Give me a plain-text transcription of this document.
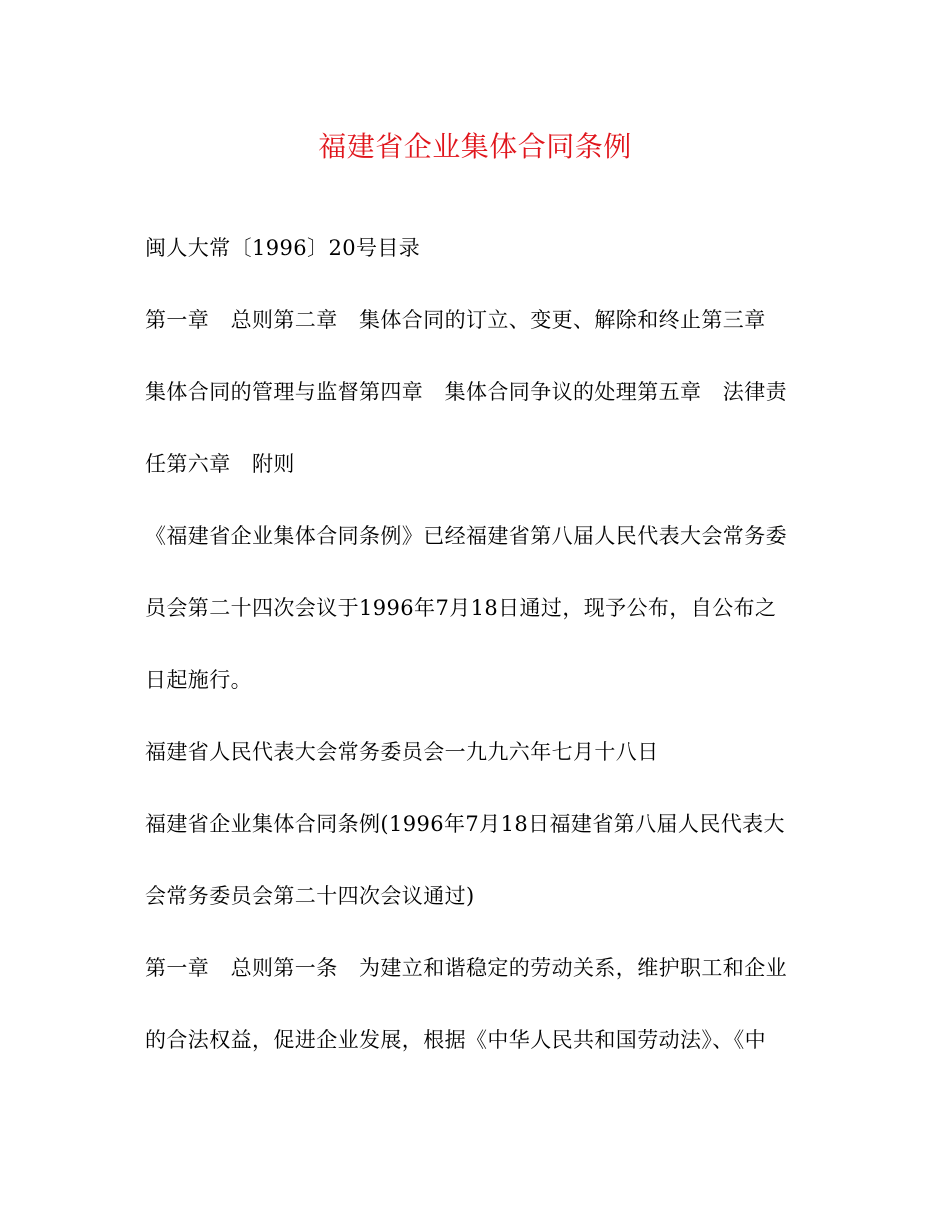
福建省企业集体合同条例
闽人大常〔1996〕20号目录
第一章　总则第二章　集体合同的订立、变更、解除和终止第三章
集体合同的管理与监督第四章　集体合同争议的处理第五章　法律责
任第六章　附则
《福建省企业集体合同条例》已经福建省第八届人民代表大会常务委
员会第二十四次会议于1996年7月18日通过，现予公布，自公布之
日起施行。
福建省人民代表大会常务委员会一九九六年七月十八日
福建省企业集体合同条例(1996年7月18日福建省第八届人民代表大
会常务委员会第二十四次会议通过)
第一章　总则第一条　为建立和谐稳定的劳动关系，维护职工和企业
的合法权益，促进企业发展，根据《中华人民共和国劳动法》、《中
